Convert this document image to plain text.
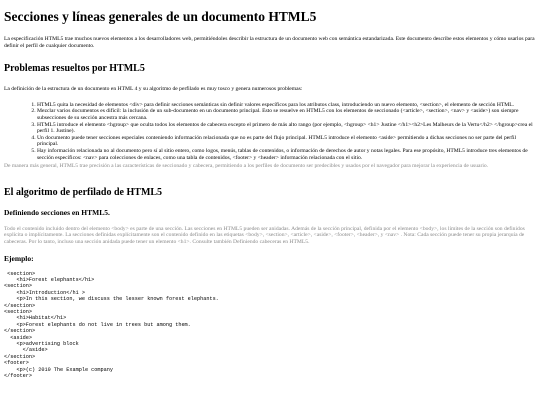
Secciones y líneas generales de un documento HTML5

La especificación HTML5 trae muchos nuevos elementos a los desarrolladores web, permitiéndoles describir la estructura de un documento web con semántica estandarizada. Este documento describe estos elementos y cómo usarlos para definir el perfil de cualquier documento.

Problemas resueltos por HTML5

La definición de la estructura de un documento en HTML 4 y su algoritmo de perfilado es muy tosco y genera numerosos problemas:

1. HTML5 quita la necesidad de elementos <div> para definir secciones semánticas sin definir valores específicos para los atributos class, introduciendo un nuevo elemento, <section>, el elemento de sección HTML.
2. Mezclar varios documentos es difícil: la inclusión de un sub-documento en un documento principal. Esto se resuelve en HTML5 con los elementos de seccionado (<article>, <section>, <nav> y <aside>) son siempre subsecciones de su sección ancestra más cercana.
3. HTML5 introduce el elemento <hgroup> que oculta todos los elementos de cabecera excepto el primero de más alto rango (por ejemplo, <hgroup> <h1> Justine </h1><h2>Les Malheurs de la Vertu</h2> </hgroup>crea el perfil 1. Justine).
4. Un documento puede tener secciones especiales conteniendo información relacionada que no es parte del flujo principal. HTML5 introduce el elemento <aside> permitiendo a dichas secciones no ser parte del perfil principal.
5. Hay información relacionada no al documento pero sí al sitio entero, como logos, menús, tablas de contenidos, o información de derechos de autor y notas legales. Para ese propósito, HTML5 introduce tres elementos de sección específicos: <nav> para colecciones de enlaces, como una tabla de contenidos, <footer> y <header> información relacionada con el sitio.

De manera más general, HTML5 trae precisión a las características de seccionado y cabecera, permitiendo a los perfiles de documento ser predecibles y usados por el navegador para mejorar la experiencia de usuario.

El algoritmo de perfilado de HTML5
Definiendo secciones en HTML5.

Todo el contenido incluido dentro del elemento <body> es parte de una sección. Las secciones en HTML5 pueden ser anidadas. Además de la sección principal, definida por el elemento <body>, los límites de la sección son definidos explícita o implícitamente. La secciones definidas explícitamente son el contenido definido en las etiquetas <body>, <section>, <article>, <aside>, <footer>, <header>, y <nav> . Nota: Cada sección puede tener su propia jerarquía de cabeceras. Por lo tanto, incluso una sección anidada puede tener un elemento <h1>. Consulte también Definiendo cabeceras en HTML5.

Ejemplo:
<section>
<h1>Forest elephants</h1>
<section>
<h1>Introduction</h1 >
<p>In this section, we discuss the lesser known forest elephants.
</section>
<section>
<h1>Habitat</h1>
<p>Forest elephants do not live in trees but among them.
</section>
<aside>
<p>advertising block
</aside>
</section>
<footer>
<p>(c) 2010 The Example company
</footer>
